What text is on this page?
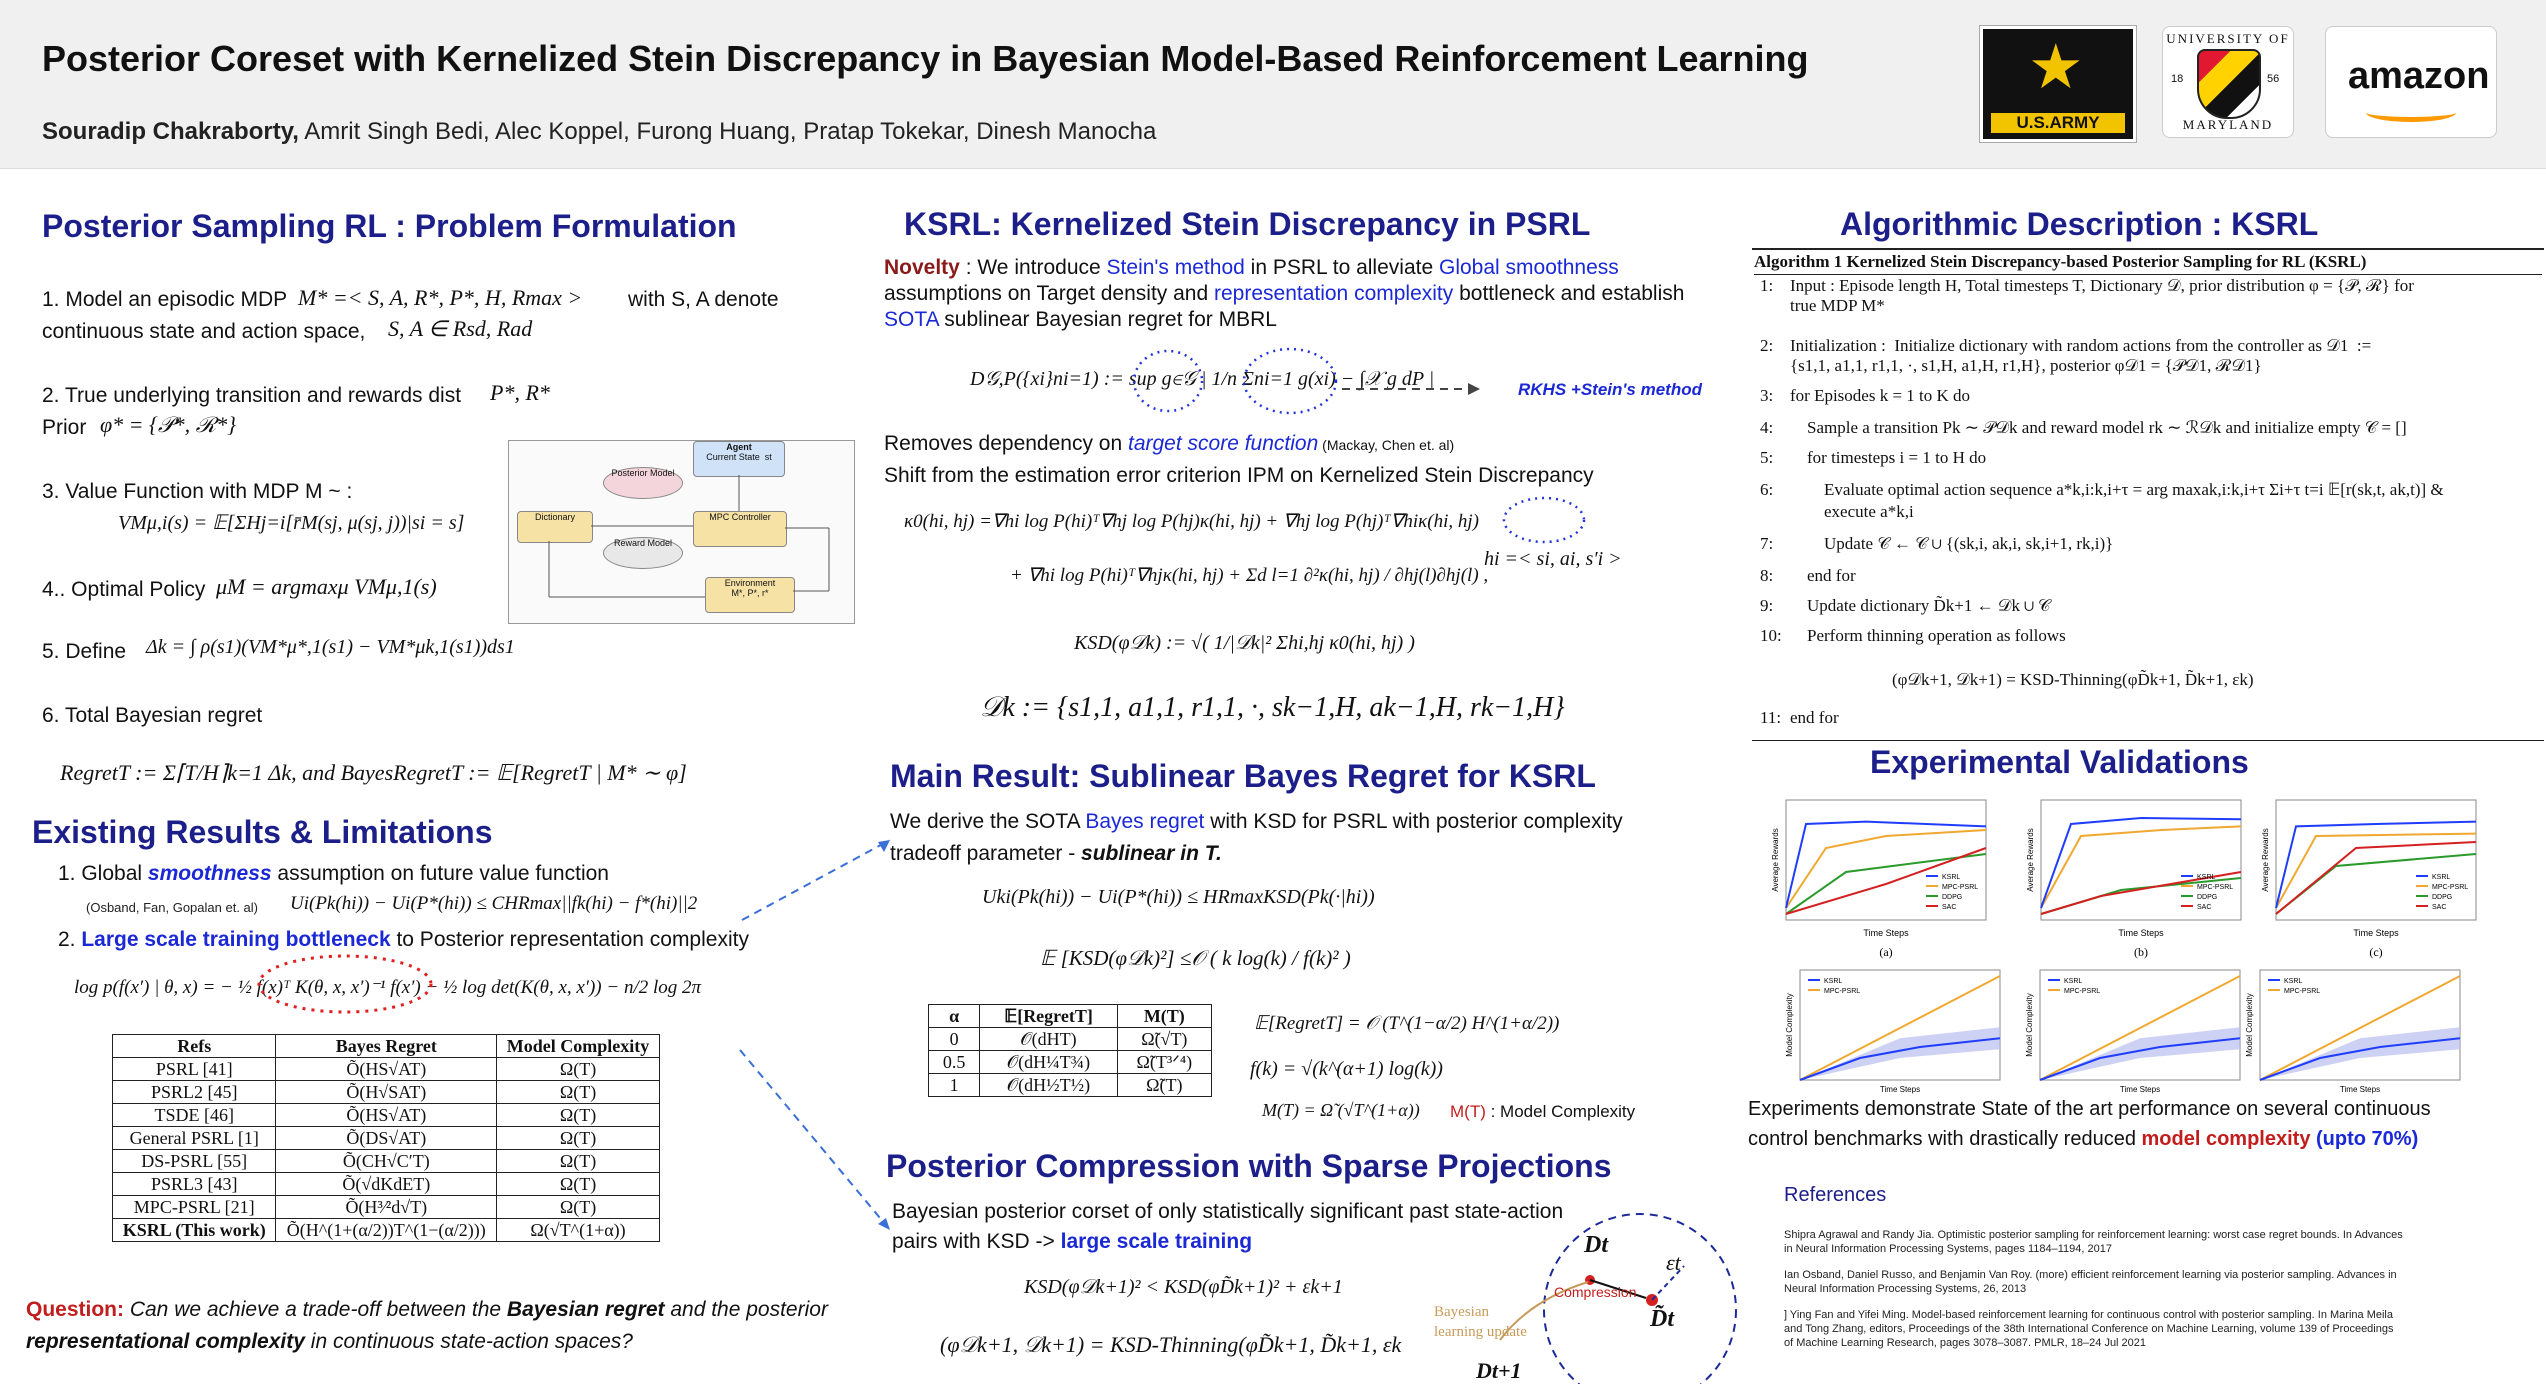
Posterior Coreset with Kernelized Stein Discrepancy in Bayesian Model-Based Reinforcement Learning
Souradip Chakraborty, Amrit Singh Bedi, Alec Koppel, Furong Huang, Pratap Tokekar, Dinesh Manocha
★
U.S.ARMY
UNIVERSITY OF
18	56
MARYLAND
amazon
Posterior Sampling RL : Problem Formulation
1. Model an episodic MDP M* =< S, A, R*, P*, H, Rmax > with S, A denote
continuous state and action space, S, A ∈ Rsd, Rad
2. True underlying transition and rewards dist P*, R*
Prior φ* = {𝒫*, ℛ*}
3. Value Function with MDP M ~ :
VMμ,i(s) = 𝔼[ΣHj=i[r̄M(sj, μ(sj, j))|si = s]
4.. Optimal Policy μM = argmaxμ VMμ,1(s)
5. Define Δk = ∫ ρ(s1)(VM*μ*,1(s1) − VM*μk,1(s1))ds1
6. Total Bayesian regret
RegretT := Σ⌈T/H⌉k=1 Δk, and BayesRegretT := 𝔼[RegretT | M* ∼ φ]
Agent
Current State  st
Posterior Model
Dictionary	MPC Controller
Reward Model
Environment
M*, P*, r*
Existing Results & Limitations
1. Global smoothness assumption on future value function
(Osband, Fan, Gopalan et. al) Ui(Pk(hi)) − Ui(P*(hi)) ≤ CHRmax||fk(hi) − f*(hi)||2
2. Large scale training bottleneck to Posterior representation complexity
log p(f(x′) | θ, x) = − ½ f(x)ᵀ K(θ, x, x′)⁻¹ f(x′) − ½ log det(K(θ, x, x′)) − n/2 log 2π
Refs	Bayes Regret	Model Complexity
PSRL [41]	Õ(HS√AT)	Ω(T)
PSRL2 [45]	Õ(H√SAT)	Ω(T)
TSDE [46]	Õ(HS√AT)	Ω(T)
General PSRL [1]	Õ(DS√AT)	Ω(T)
DS-PSRL [55]	Õ(CH√C′T)	Ω(T)
PSRL3 [43]	Õ(√dKdET)	Ω(T)
MPC-PSRL [21]	Õ(H³⁄²d√T)	Ω(T)
KSRL (This work)	Õ(H^(1+(α/2))T^(1−(α/2)))	Ω(√T^(1+α))
Question: Can we achieve a trade-off between the Bayesian regret and the posterior
representational complexity in continuous state-action spaces?
KSRL: Kernelized Stein Discrepancy in PSRL
Novelty : We introduce Stein's method in PSRL to alleviate Global smoothness
assumptions on Target density and representation complexity bottleneck and establish
SOTA sublinear Bayesian regret for MBRL
D𝒢,P({xi}ni=1) := sup g∈𝒢 | 1/n Σni=1 g(xi) − ∫𝒳 g dP |	RKHS +Stein's method
Removes dependency on target score function (Mackay, Chen et. al)
Shift from the estimation error criterion IPM on Kernelized Stein Discrepancy
κ0(hi, hj) =∇hi log P(hi)ᵀ∇hj log P(hj)κ(hi, hj) + ∇hj log P(hj)ᵀ∇hiκ(hi, hj)
+ ∇hi log P(hi)ᵀ∇hjκ(hi, hj) + Σd l=1 ∂²κ(hi, hj) / ∂hj(l)∂hj(l) ,
hi =< si, ai, s′i >
KSD(φ𝒟k) := √( 1/|𝒟k|² Σhi,hj κ0(hi, hj) )
𝒟k := {s1,1, a1,1, r1,1, ·, sk−1,H, ak−1,H, rk−1,H}
Main Result: Sublinear Bayes Regret for KSRL
We derive the SOTA Bayes regret with KSD for PSRL with posterior complexity
tradeoff parameter - sublinear in T.
Uki(Pk(hi)) − Ui(P*(hi)) ≤ HRmaxKSD(Pk(·|hi))
𝔼 [KSD(φ𝒟k)²] ≤𝒪 ( k log(k) / f(k)² )
α	𝔼[RegretT]	M(T)
0	𝒪(dHT)	Ω̃(√T)
0.5	𝒪(dH¼T¾)	Ω̃(T³ᐟ⁴)
1	𝒪(dH½T½)	Ω̃(T)
𝔼[RegretT] = 𝒪 (T^(1−α/2) H^(1+α/2))
f(k) = √(k^(α+1) log(k))
M(T) = Ω̃ (√T^(1+α)) M(T) : Model Complexity
Posterior Compression with Sparse Projections
Bayesian posterior corset of only statistically significant past state-action
pairs with KSD -> large scale training
KSD(φ𝒟k+1)² < KSD(φD̃k+1)² + εk+1
(φ𝒟k+1, 𝒟k+1) = KSD-Thinning(φD̃k+1, D̃k+1, εk
Dt
εt
Compression
Bayesian
learning update	D̃t
Dt+1
Algorithmic Description : KSRL
Algorithm 1 Kernelized Stein Discrepancy-based Posterior Sampling for RL (KSRL)
1: Input : Episode length H, Total timesteps T, Dictionary 𝒟, prior distribution φ = {𝒫, ℛ} for
true MDP M*
2: Initialization :  Initialize dictionary with random actions from the controller as 𝒟1  :=
{s1,1, a1,1, r1,1, ·, s1,H, a1,H, r1,H}, posterior φ𝒟1 = {𝒫𝒟1, ℛ𝒟1}
3: for Episodes k = 1 to K do
4: Sample a transition Pk ∼ 𝒫𝒟k and reward model rk ∼ ℛ𝒟k and initialize empty 𝒞 = []
5: for timesteps i = 1 to H do
6: Evaluate optimal action sequence a*k,i:k,i+τ = arg maxak,i:k,i+τ Σi+τ t=i 𝔼[r(sk,t, ak,t)] &
execute a*k,i
7: Update 𝒞 ← 𝒞 ∪ {(sk,i, ak,i, sk,i+1, rk,i)}
8: end for
9: Update dictionary D̃k+1 ← 𝒟k ∪ 𝒞
10: Perform thinning operation as follows
(φ𝒟k+1, 𝒟k+1) = KSD-Thinning(φD̃k+1, D̃k+1, εk)
11: end for
Experimental Validations
(a)
Time Steps
Average Rewards	KSRL
MPC-PSRL
DDPG
SAC
(b)
Time Steps
Average Rewards	KSRL
MPC-PSRL
DDPG
SAC
(c)
Time Steps
Average Rewards	KSRL
MPC-PSRL
DDPG
SAC
Model Complexity
Time Steps
KSRL
MPC-PSRL
Model Complexity
Time Steps
KSRL
MPC-PSRL
Model Complexity
Time Steps
KSRL
MPC-PSRL
Experiments demonstrate State of the art performance on several continuous
control benchmarks with drastically reduced model complexity (upto 70%)
References
Shipra Agrawal and Randy Jia. Optimistic posterior sampling for reinforcement learning: worst case regret bounds. In Advances in Neural Information Processing Systems, pages 1184–1194, 2017
Ian Osband, Daniel Russo, and Benjamin Van Roy. (more) efficient reinforcement learning via posterior sampling. Advances in Neural Information Processing Systems, 26, 2013
] Ying Fan and Yifei Ming. Model-based reinforcement learning for continuous control with posterior sampling. In Marina Meila and Tong Zhang, editors, Proceedings of the 38th International Conference on Machine Learning, volume 139 of Proceedings of Machine Learning Research, pages 3078–3087. PMLR, 18–24 Jul 2021
